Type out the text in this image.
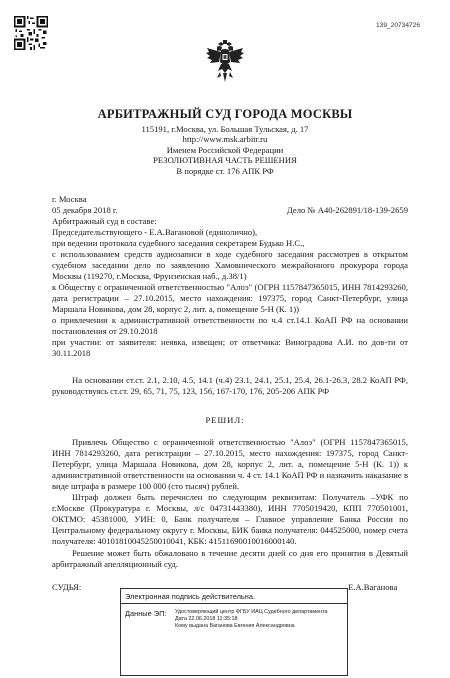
139_20734726
АРБИТРАЖНЫЙ СУД ГОРОДА МОСКВЫ
115191, г.Москва, ул. Большая Тульская, д. 17
http://www.msk.arbitr.ru
Именем Российской Федерации
РЕЗОЛЮТИВНАЯ ЧАСТЬ РЕШЕНИЯ
В порядке ст. 176 АПК РФ
г. Москва
05 декабря 2018 г.	Дело № А40-262891/18-139-2659
Арбитражный суд в составе:
Председательствующего - Е.А.Вагановой (единолично),
при ведении протокола судебного заседания секретарем Будько Н.С.,
с использованием средств аудиозаписи в ходе судебного заседания рассмотрев в открытом судебном заседании дело по заявлению Хамовнического межрайонного прокурора города Москвы (119270, г.Москва, Фрунзенская наб., д.38/1)
к Обществу с ограниченной ответственностью "Алоэ" (ОГРН 1157847365015, ИНН 7814293260, дата регистрации – 27.10.2015, место нахождения: 197375, город Санкт-Петербург, улица Маршала Новикова, дом 28, корпус 2, лит. а, помещение 5-Н (К. 1))
о привлечении к административной ответственности по ч.4 ст.14.1 КоАП РФ на основании постановления от 29.10.2018
при участии: от заявителя: неявка, извещен; от ответчика: Виноградова А.И. по дов-ти от 30.11.2018
На основании ст.ст. 2.1, 2.10, 4.5, 14.1 (ч.4) 23.1, 24.1, 25.1, 25.4, 26.1-26.3, 28.2 КоАП РФ, руководствуясь ст.ст. 29, 65, 71, 75, 123, 156, 167-170, 176, 205-206 АПК РФ
РЕШИЛ:
Привлечь Общество с ограниченной ответственностью "Алоэ" (ОГРН 1157847365015, ИНН 7814293260, дата регистрации – 27.10.2015, место нахождения: 197375, город Санкт-Петербург, улица Маршала Новикова, дом 28, корпус 2, лит. а, помещение 5-Н (К. 1)) к административной ответственности на основании ч. 4 ст. 14.1 КоАП РФ и назначить наказание в виде штрафа в размере 100 000 (сто тысяч) рублей.
Штраф должен быть перечислен по следующим реквизитам: Получатель –УФК по г.Москве (Прокуратура г. Москвы, л/с 04731443380), ИНН 7705019420, КПП 770501001, ОКТМО: 45381000, УИН: 0, Банк получателя – Главное управление Банка России по Центральному федеральному округу г. Москвы, БИК банка получателя: 044525000, номер счета получателя: 40101810045250010041, КБК: 41511690010016000140.
Решение может быть обжаловано в течение десяти дней со дня его принятия в Девятый арбитражный апелляционный суд.
СУДЬЯ:	Е.А.Ваганова
Электронная подпись действительна.
Данные ЭП: Удостоверяющий центр ФГБУ ИАЦ Судебного департамента
Дата 22.06.2018 11:35:18
Кому выдана Ваганова Евгения Александровна
